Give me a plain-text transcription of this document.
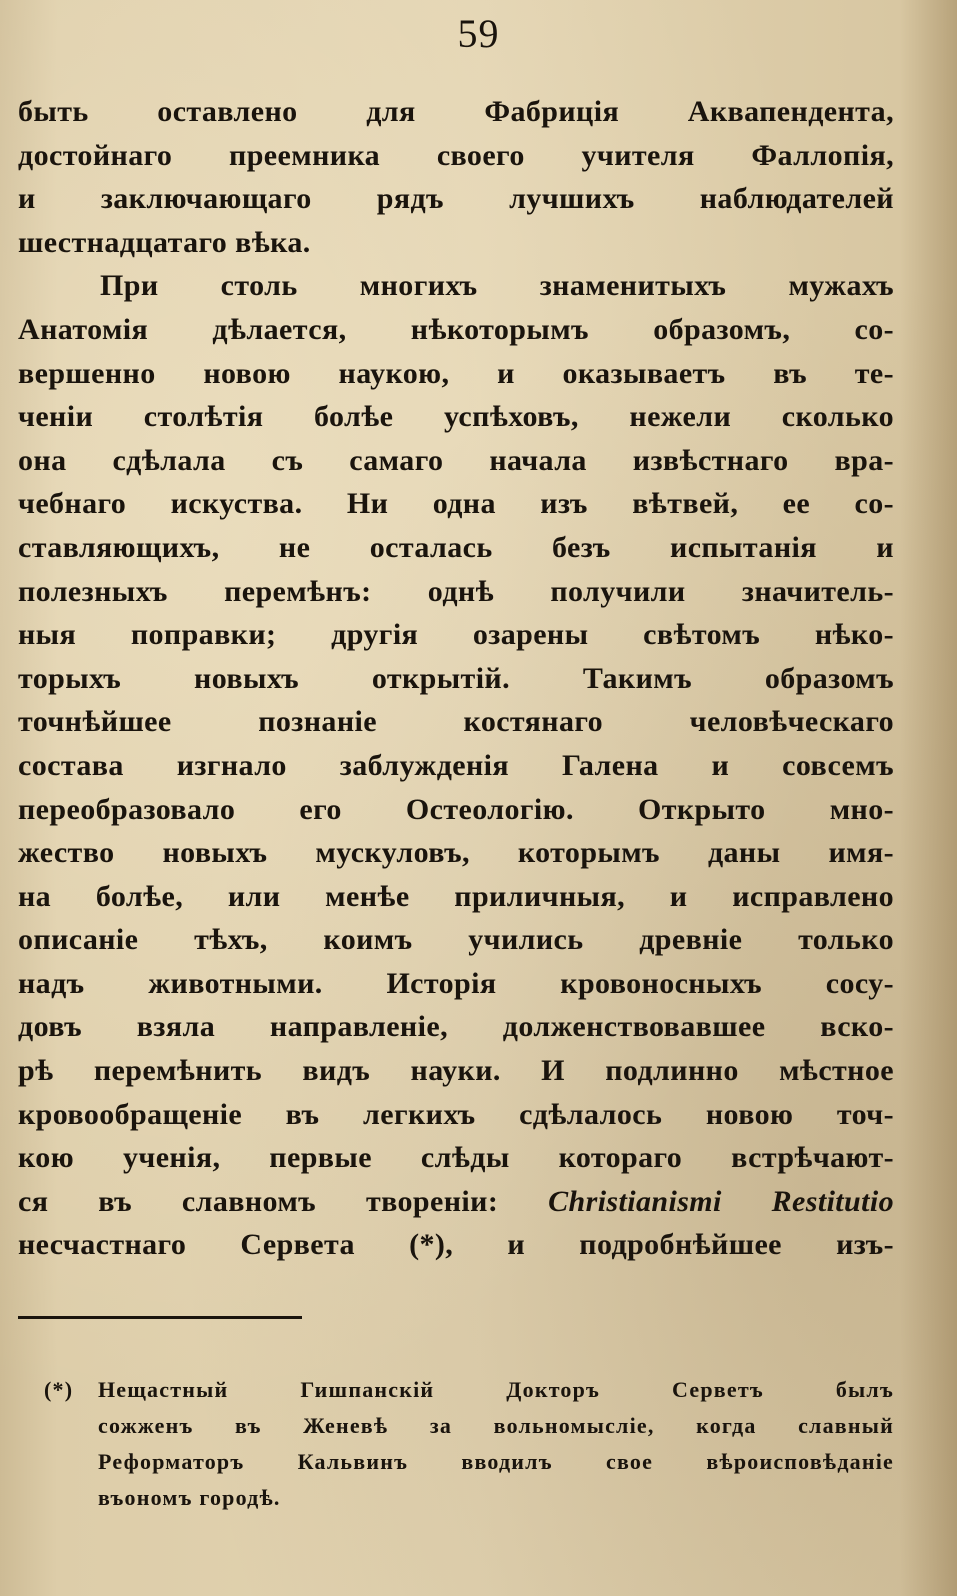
59
быть оставлено для Фабриція Аквапендента,
достойнаго преемника своего учителя Фаллопія,
и заключающаго рядъ лучшихъ наблюдателей
шестнадцатаго вѣка.
При столь многихъ знаменитыхъ мужахъ
Анатомія дѣлается, нѣкоторымъ образомъ, со-
вершенно новою наукою, и оказываетъ въ те-
ченіи столѣтія болѣе успѣховъ, нежели сколько
она сдѣлала съ самаго начала извѣстнаго вра-
чебнаго искуства. Ни одна изъ вѣтвей, ее со-
ставляющихъ, не осталась безъ испытанія и
полезныхъ перемѣнъ: однѣ получили значитель-
ныя поправки; другія озарены свѣтомъ нѣко-
торыхъ новыхъ открытій. Такимъ образомъ
точнѣйшее познаніе костянаго человѣческаго
состава изгнало заблужденія Галена и совсемъ
переобразовало его Остеологію. Открыто мно-
жество новыхъ мускуловъ, которымъ даны имя-
на болѣе, или менѣе приличныя, и исправлено
описаніе тѣхъ, коимъ учились древніе только
надъ животными. Исторія кровоносныхъ сосу-
довъ взяла направленіе, долженствовавшее вско-
рѣ перемѣнить видъ науки. И подлинно мѣстное
кровообращеніе въ легкихъ сдѣлалось новою точ-
кою ученія, первые слѣды котораго встрѣчают-
ся въ славномъ твореніи: Christianismi Restitutio
несчастнаго Сервета (*), и подробнѣйшее изъ-
(*) Нещастный Гишпанскій Докторъ Серветъ былъ
сожженъ въ Женевѣ за вольномысліе, когда славный
Реформаторъ Кальвинъ вводилъ свое вѣроисповѣданіе
въономъ городѣ.
